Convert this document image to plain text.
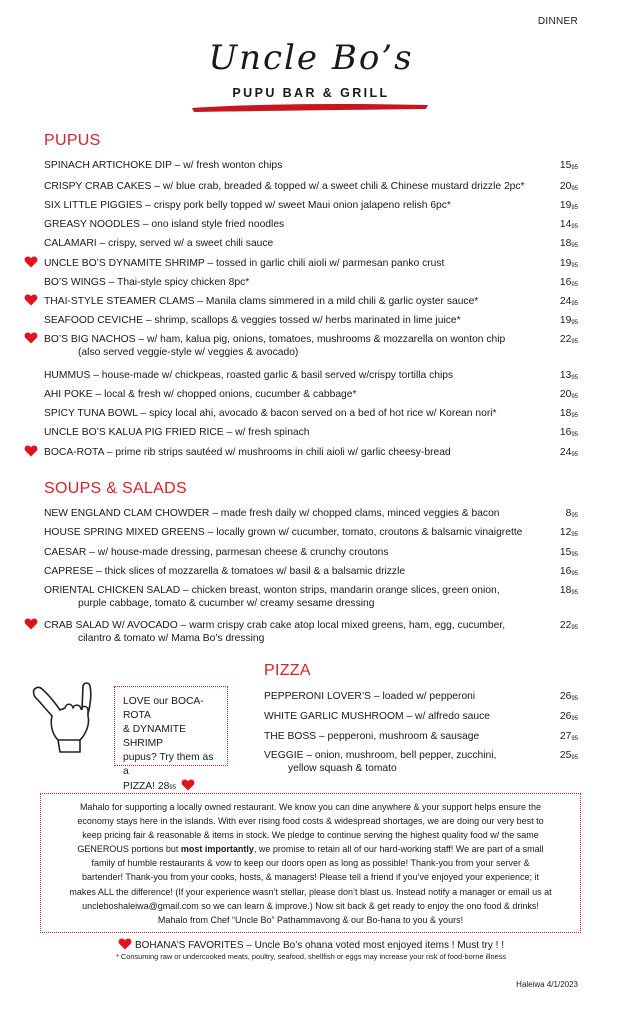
DINNER
Uncle Bo’s
PUPU BAR & GRILL
PUPUS
SPINACH ARTICHOKE DIP – w/ fresh wonton chips	1595
CRISPY CRAB CAKES – w/ blue crab, breaded & topped w/ a sweet chili & Chinese mustard drizzle 2pc*	2095
SIX LITTLE PIGGIES – crispy pork belly topped w/ sweet Maui onion jalapeno relish 6pc*	1995
GREASY NOODLES – ono island style fried noodles	1495
CALAMARI – crispy, served w/ a sweet chili sauce	1895
UNCLE BO’S DYNAMITE SHRIMP – tossed in garlic chili aioli w/ parmesan panko crust	1995
BO’S WINGS – Thai-style spicy chicken 8pc*	1695
THAI-STYLE STEAMER CLAMS – Manila clams simmered in a mild chili & garlic oyster sauce*	2495
SEAFOOD CEVICHE – shrimp, scallops & veggies tossed w/ herbs marinated in lime juice*	1995
BO’S BIG NACHOS – w/ ham, kalua pig, onions, tomatoes, mushrooms & mozzarella on wonton chip
(also served veggie-style w/ veggies & avocado)
2295
HUMMUS – house-made w/ chickpeas, roasted garlic & basil served w/crispy tortilla chips	1395
AHI POKE – local & fresh w/ chopped onions, cucumber & cabbage*	2095
SPICY TUNA BOWL – spicy local ahi, avocado & bacon served on a bed of hot rice w/ Korean nori*	1895
UNCLE BO’S KALUA PIG FRIED RICE – w/ fresh spinach	1695
BOCA-ROTA – prime rib strips sautéed w/ mushrooms in chili aioli w/ garlic cheesy-bread	2495
SOUPS & SALADS
NEW ENGLAND CLAM CHOWDER – made fresh daily w/ chopped clams, minced veggies & bacon	895
HOUSE SPRING MIXED GREENS – locally grown w/ cucumber, tomato, croutons & balsamic vinaigrette	1295
CAESAR – w/ house-made dressing, parmesan cheese & crunchy croutons	1595
CAPRESE – thick slices of mozzarella & tomatoes w/ basil & a balsamic drizzle	1695
ORIENTAL CHICKEN SALAD – chicken breast, wonton strips, mandarin orange slices, green onion,
purple cabbage, tomato & cucumber w/ creamy sesame dressing
1895
CRAB SALAD W/ AVOCADO – warm crispy crab cake atop local mixed greens, ham, egg, cucumber,
cilantro & tomato w/ Mama Bo’s dressing
2295
PIZZA
PEPPERONI LOVER’S – loaded w/ pepperoni	2695
WHITE GARLIC MUSHROOM – w/ alfredo sauce	2695
THE BOSS – pepperoni, mushroom & sausage	2795
VEGGIE – onion, mushroom, bell pepper, zucchini,
yellow squash & tomato
2595
LOVE our BOCA-ROTA
& DYNAMITE SHRIMP
pupus? Try them as a
PIZZA! 2895
Mahalo for supporting a locally owned restaurant. We know you can dine anywhere & your support helps ensure the
economy stays here in the islands. With ever rising food costs & widespread shortages, we are doing our very best to
keep pricing fair & reasonable & items in stock. We pledge to continue serving the highest quality food w/ the same
GENEROUS portions but most importantly, we promise to retain all of our hard-working staff! We are part of a small
family of humble restaurants & vow to keep our doors open as long as possible! Thank-you from your server &
bartender! Thank-you from your cooks, hosts, & managers! Please tell a friend if you’ve enjoyed your experience; it
makes ALL the difference! (If your experience wasn’t stellar, please don’t blast us. Instead notify a manager or email us at
uncleboshaleiwa@gmail.com so we can learn & improve.) Now sit back & get ready to enjoy the ono food & drinks!
Mahalo from Chef “Uncle Bo” Pathammavong & our Bo-hana to you & yours!
BOHANA’S FAVORITES – Uncle Bo’s ohana voted most enjoyed items ! Must try ! !
* Consuming raw or undercooked meats, poultry, seafood, shellfish or eggs may increase your risk of food-borne illness
Haleiwa 4/1/2023
